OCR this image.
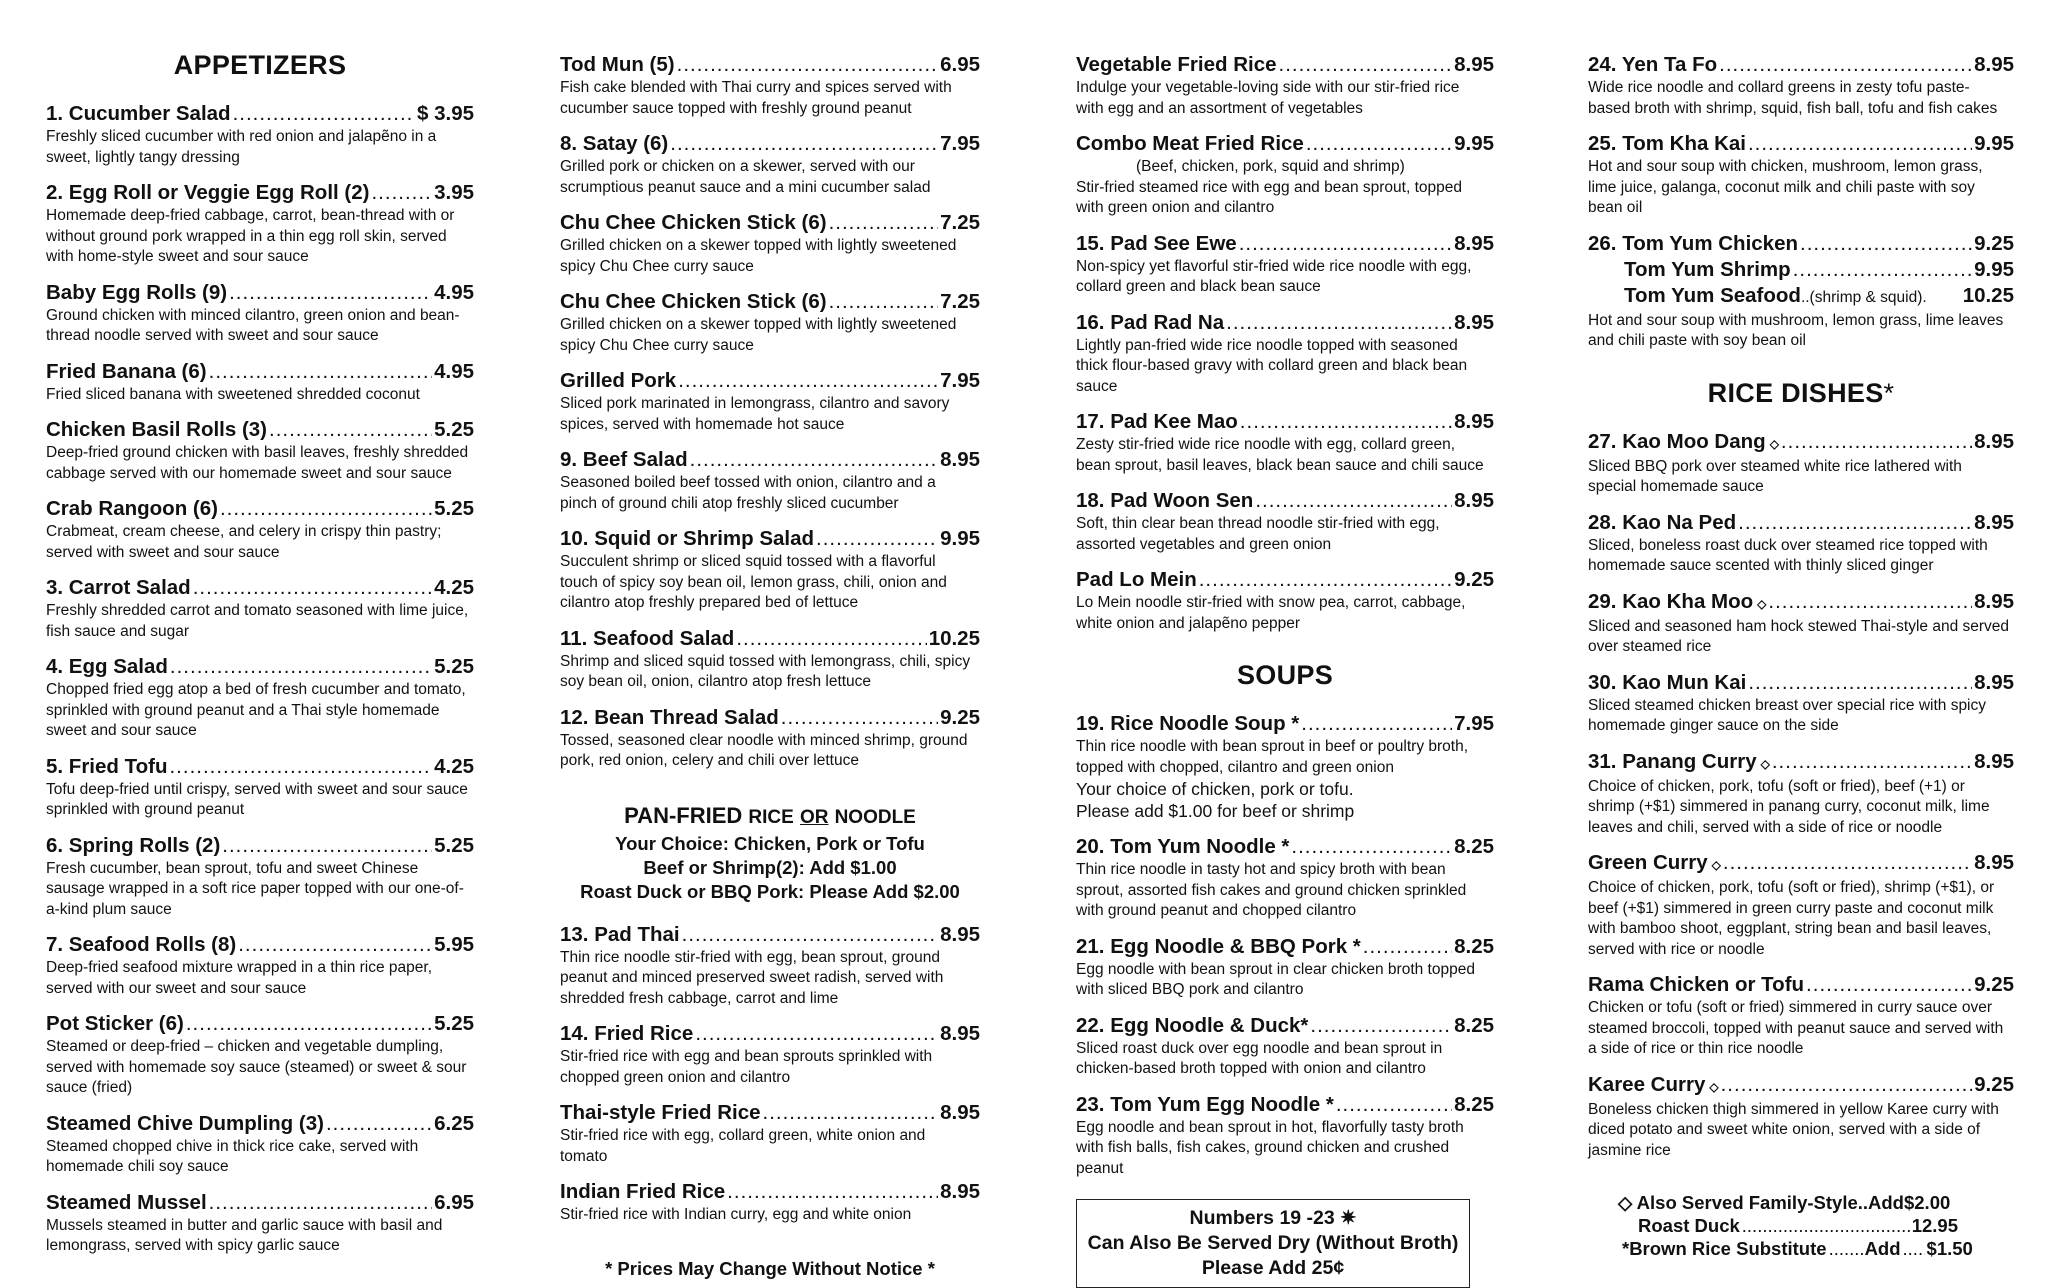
APPETIZERS
1. Cucumber Salad .....	$ 3.95

Freshly sliced cucumber with red onion and jalapẽno in a sweet, lightly tangy dressing

2. Egg Roll or Veggie Egg Roll (2) .....	3.95

Homemade deep-fried cabbage, carrot, bean-thread with or without ground pork wrapped in a thin egg roll skin, served with home-style sweet and sour sauce

Baby Egg Rolls (9) .....	4.95

Ground chicken with minced cilantro, green onion and bean-thread noodle served with sweet and sour sauce

Fried Banana (6) .....	4.95

Fried sliced banana with sweetened shredded coconut

Chicken Basil Rolls (3) .....	5.25

Deep-fried ground chicken with basil leaves, freshly shredded cabbage served with our homemade sweet and sour sauce

Crab Rangoon (6) .....	5.25

Crabmeat, cream cheese, and celery in crispy thin pastry; served with sweet and sour sauce

3. Carrot Salad .....	4.25

Freshly shredded carrot and tomato seasoned with lime juice, fish sauce and sugar

4. Egg Salad .....	5.25

Chopped fried egg atop a bed of fresh cucumber and tomato, sprinkled with ground peanut and a Thai style homemade sweet and sour sauce

5. Fried Tofu .....	4.25

Tofu deep-fried until crispy, served with sweet and sour sauce sprinkled with ground peanut

6. Spring Rolls (2) .....	5.25

Fresh cucumber, bean sprout, tofu and sweet Chinese sausage wrapped in a soft rice paper topped with our one-of-a-kind plum sauce

7. Seafood Rolls (8) .....	5.95

Deep-fried seafood mixture wrapped in a thin rice paper, served with our sweet and sour sauce

Pot Sticker (6) .....	5.25

Steamed or deep-fried – chicken and vegetable dumpling, served with homemade soy sauce (steamed) or sweet & sour sauce (fried)

Steamed Chive Dumpling (3) .....	6.25

Steamed chopped chive in thick rice cake, served with homemade chili soy sauce

Steamed Mussel .....	6.95

Mussels steamed in butter and garlic sauce with basil and lemongrass, served with spicy garlic sauce

Tod Mun (5) .....	6.95

Fish cake blended with Thai curry and spices served with cucumber sauce topped with freshly ground peanut

8. Satay (6) .....	7.95

Grilled pork or chicken on a skewer, served with our scrumptious peanut sauce and a mini cucumber salad

Chu Chee Chicken Stick (6) .....	7.25

Grilled chicken on a skewer topped with lightly sweetened spicy Chu Chee curry sauce

Chu Chee Chicken Stick (6) .....	7.25

Grilled chicken on a skewer topped with lightly sweetened spicy Chu Chee curry sauce

Grilled Pork .....	7.95

Sliced pork marinated in lemongrass, cilantro and savory spices, served with homemade hot sauce

9. Beef Salad .....	8.95

Seasoned boiled beef tossed with onion, cilantro and a pinch of ground chili atop freshly sliced cucumber

10. Squid or Shrimp Salad .....	9.95

Succulent shrimp or sliced squid tossed with a flavorful touch of spicy soy bean oil, lemon grass, chili, onion and cilantro atop freshly prepared bed of lettuce

11. Seafood Salad .....	10.25

Shrimp and sliced squid tossed with lemongrass, chili, spicy soy bean oil, onion, cilantro atop fresh lettuce

12. Bean Thread Salad .....	9.25

Tossed, seasoned clear noodle with minced shrimp, ground pork, red onion, celery and chili over lettuce

PAN-FRIED RICE OR NOODLE
Your Choice: Chicken, Pork or Tofu
Beef or Shrimp(2): Add $1.00
Roast Duck or BBQ Pork: Please Add $2.00
13. Pad Thai .....	8.95

Thin rice noodle stir-fried with egg, bean sprout, ground peanut and minced preserved sweet radish, served with shredded fresh cabbage, carrot and lime

14. Fried Rice .....	8.95

Stir-fried rice with egg and bean sprouts sprinkled with chopped green onion and cilantro

Thai-style Fried Rice .....	8.95

Stir-fried rice with egg, collard green, white onion and tomato

Indian Fried Rice .....	8.95

Stir-fried rice with Indian curry, egg and white onion

* Prices May Change Without Notice *
Vegetable Fried Rice .....	8.95

Indulge your vegetable-loving side with our stir-fried rice with egg and an assortment of vegetables

Combo Meat Fried Rice .....	9.95

(Beef, chicken, pork, squid and shrimp)

Stir-fried steamed rice with egg and bean sprout, topped with green onion and cilantro

15. Pad See Ewe .....	8.95

Non-spicy yet flavorful stir-fried wide rice noodle with egg, collard green and black bean sauce

16. Pad Rad Na .....	8.95

Lightly pan-fried wide rice noodle topped with seasoned thick flour-based gravy with collard green and black bean sauce

17. Pad Kee Mao .....	8.95

Zesty stir-fried wide rice noodle with egg, collard green, bean sprout, basil leaves, black bean sauce and chili sauce

18. Pad Woon Sen .....	8.95

Soft, thin clear bean thread noodle stir-fried with egg, assorted vegetables and green onion

Pad Lo Mein .....	9.25

Lo Mein noodle stir-fried with snow pea, carrot, cabbage, white onion and jalapẽno pepper

SOUPS
19. Rice Noodle Soup * .....	7.95

Thin rice noodle with bean sprout in beef or poultry broth, topped with chopped, cilantro and green onion

Your choice of chicken, pork or tofu.

Please add $1.00 for beef or shrimp

20. Tom Yum Noodle * .....	8.25

Thin rice noodle in tasty hot and spicy broth with bean sprout, assorted fish cakes and ground chicken sprinkled with ground peanut and chopped cilantro

21. Egg Noodle & BBQ Pork * .....	8.25

Egg noodle with bean sprout in clear chicken broth topped with sliced BBQ pork and cilantro

22. Egg Noodle & Duck* .....	8.25

Sliced roast duck over egg noodle and bean sprout in chicken-based broth topped with onion and cilantro

23. Tom Yum Egg Noodle * .....	8.25

Egg noodle and bean sprout in hot, flavorfully tasty broth with fish balls, fish cakes, ground chicken and crushed peanut

Numbers 19 -23 ✷
Can Also Be Served Dry (Without Broth)
Please Add 25¢
24. Yen Ta Fo .....	8.95

Wide rice noodle and collard greens in zesty tofu paste-based broth with shrimp, squid, fish ball, tofu and fish cakes

25. Tom Kha Kai .....	9.95

Hot and sour soup with chicken, mushroom, lemon grass, lime juice, galanga, coconut milk and chili paste with soy bean oil

26. Tom Yum Chicken .....	9.25
Tom Yum Shrimp .....	9.95
Tom Yum Seafood ..(shrimp & squid). 10.25

Hot and sour soup with mushroom, lemon grass, lime leaves and chili paste with soy bean oil

RICE DISHES*
27. Kao Moo Dang ◇ .....	8.95

Sliced BBQ pork over steamed white rice lathered with special homemade sauce

28. Kao Na Ped .....	8.95

Sliced, boneless roast duck over steamed rice topped with homemade sauce scented with thinly sliced ginger

29. Kao Kha Moo ◇ .....	8.95

Sliced and seasoned ham hock stewed Thai-style and served over steamed rice

30. Kao Mun Kai .....	8.95

Sliced steamed chicken breast over special rice with spicy homemade ginger sauce on the side

31. Panang Curry ◇ .....	8.95

Choice of chicken, pork, tofu (soft or fried), beef (+1) or shrimp (+$1) simmered in panang curry, coconut milk, lime leaves and chili, served with a side of rice or noodle

Green Curry ◇ .....	8.95

Choice of chicken, pork, tofu (soft or fried), shrimp (+$1), or beef (+$1) simmered in green curry paste and coconut milk with bamboo shoot, eggplant, string bean and basil leaves, served with rice or noodle

Rama Chicken or Tofu .....	9.25

Chicken or tofu (soft or fried) simmered in curry sauce over steamed broccoli, topped with peanut sauce and served with a side of rice or thin rice noodle

Karee Curry ◇ .....	9.25

Boneless chicken thigh simmered in yellow Karee curry with diced potato and sweet white onion, served with a side of jasmine rice

◇ Also Served Family-Style..Add $2.00
Roast Duck .....	12.95
*Brown Rice Substitute ..... Add ..... $1.50
